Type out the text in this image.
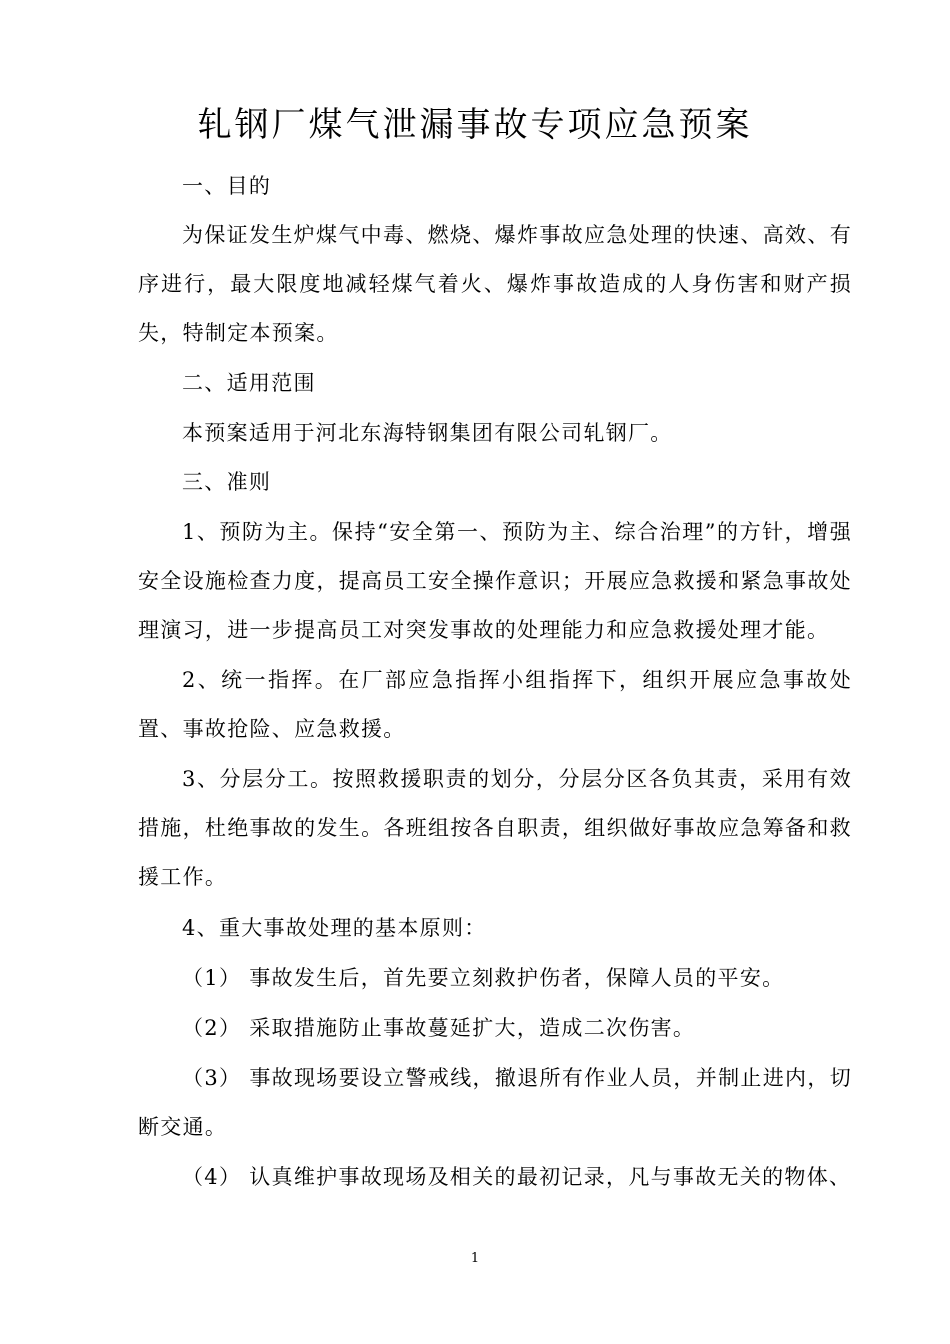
轧钢厂煤气泄漏事故专项应急预案
一、目的
为保证发生炉煤气中毒、燃烧、爆炸事故应急处理的快速、高效、有序进行，最大限度地减轻煤气着火、爆炸事故造成的人身伤害和财产损失，特制定本预案。
二、适用范围
本预案适用于河北东海特钢集团有限公司轧钢厂。
三、准则
1、预防为主。保持“安全第一、预防为主、综合治理”的方针，增强安全设施检查力度，提高员工安全操作意识；开展应急救援和紧急事故处理演习，进一步提高员工对突发事故的处理能力和应急救援处理才能。
2、统一指挥。在厂部应急指挥小组指挥下，组织开展应急事故处置、事故抢险、应急救援。
3、分层分工。按照救援职责的划分，分层分区各负其责，采用有效措施，杜绝事故的发生。各班组按各自职责，组织做好事故应急筹备和救援工作。
4、重大事故处理的基本原则：
（1） 事故发生后，首先要立刻救护伤者，保障人员的平安。
（2） 采取措施防止事故蔓延扩大，造成二次伤害。
（3） 事故现场要设立警戒线，撤退所有作业人员，并制止进内，切断交通。
（4） 认真维护事故现场及相关的最初记录，凡与事故无关的物体、
1
